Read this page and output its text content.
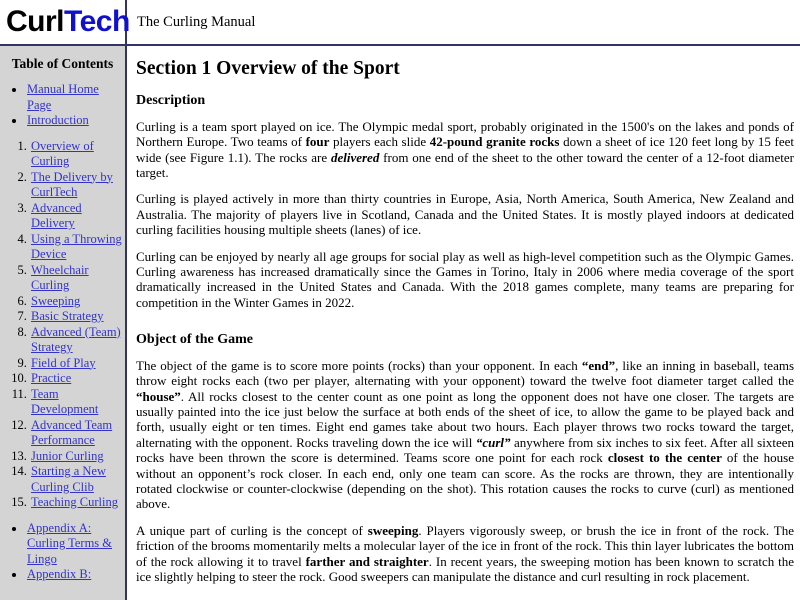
CurlTech The Curling Manual
Table of Contents
• Manual Home Page
• Introduction
1. Overview of Curling
2. The Delivery by CurlTech
3. Advanced Delivery
4. Using a Throwing Device
5. Wheelchair Curling
6. Sweeping
7. Basic Strategy
8. Advanced (Team) Strategy
9. Field of Play
10. Practice
11. Team Development
12. Advanced Team Performance
13. Junior Curling
14. Starting a New Curling Clib
15. Teaching Curling
• Appendix A: Curling Terms & Lingo
• Appendix B:
Section 1 Overview of the Sport
Description

Curling is a team sport played on ice. The Olympic medal sport, probably originated in the 1500's on the lakes and ponds of Northern Europe. Two teams of four players each slide 42-pound granite rocks down a sheet of ice 120 feet long by 15 feet wide (see Figure 1.1). The rocks are delivered from one end of the sheet to the other toward the center of a 12-foot diameter target.

Curling is played actively in more than thirty countries in Europe, Asia, North America, South America, New Zealand and Australia. The majority of players live in Scotland, Canada and the United States. It is mostly played indoors at dedicated curling facilities housing multiple sheets (lanes) of ice.

Curling can be enjoyed by nearly all age groups for social play as well as high-level competition such as the Olympic Games. Curling awareness has increased dramatically since the Games in Torino, Italy in 2006 where media coverage of the sport dramatically increased in the United States and Canada. With the 2018 games complete, many teams are preparing for competition in the Winter Games in 2022.

Object of the Game

The object of the game is to score more points (rocks) than your opponent. In each “end”, like an inning in baseball, teams throw eight rocks each (two per player, alternating with your opponent) toward the twelve foot diameter target called the “house”. All rocks closest to the center count as one point as long the opponent does not have one closer. The targets are usually painted into the ice just below the surface at both ends of the sheet of ice, to allow the game to be played back and forth, usually eight or ten times. Eight end games take about two hours. Each player throws two rocks toward the target, alternating with the opponent. Rocks traveling down the ice will “curl” anywhere from six inches to six feet. After all sixteen rocks have been thrown the score is determined. Teams score one point for each rock closest to the center of the house without an opponent’s rock closer. In each end, only one team can score. As the rocks are thrown, they are intentionally rotated clockwise or counter-clockwise (depending on the shot). This rotation causes the rocks to curve (curl) as mentioned above.

A unique part of curling is the concept of sweeping. Players vigorously sweep, or brush the ice in front of the rock. The friction of the brooms momentarily melts a molecular layer of the ice in front of the rock. This thin layer lubricates the bottom of the rock allowing it to travel farther and straighter. In recent years, the sweeping motion has been known to scratch the ice slightly helping to steer the rock. Good sweepers can manipulate the distance and curl resulting in rock placement.
